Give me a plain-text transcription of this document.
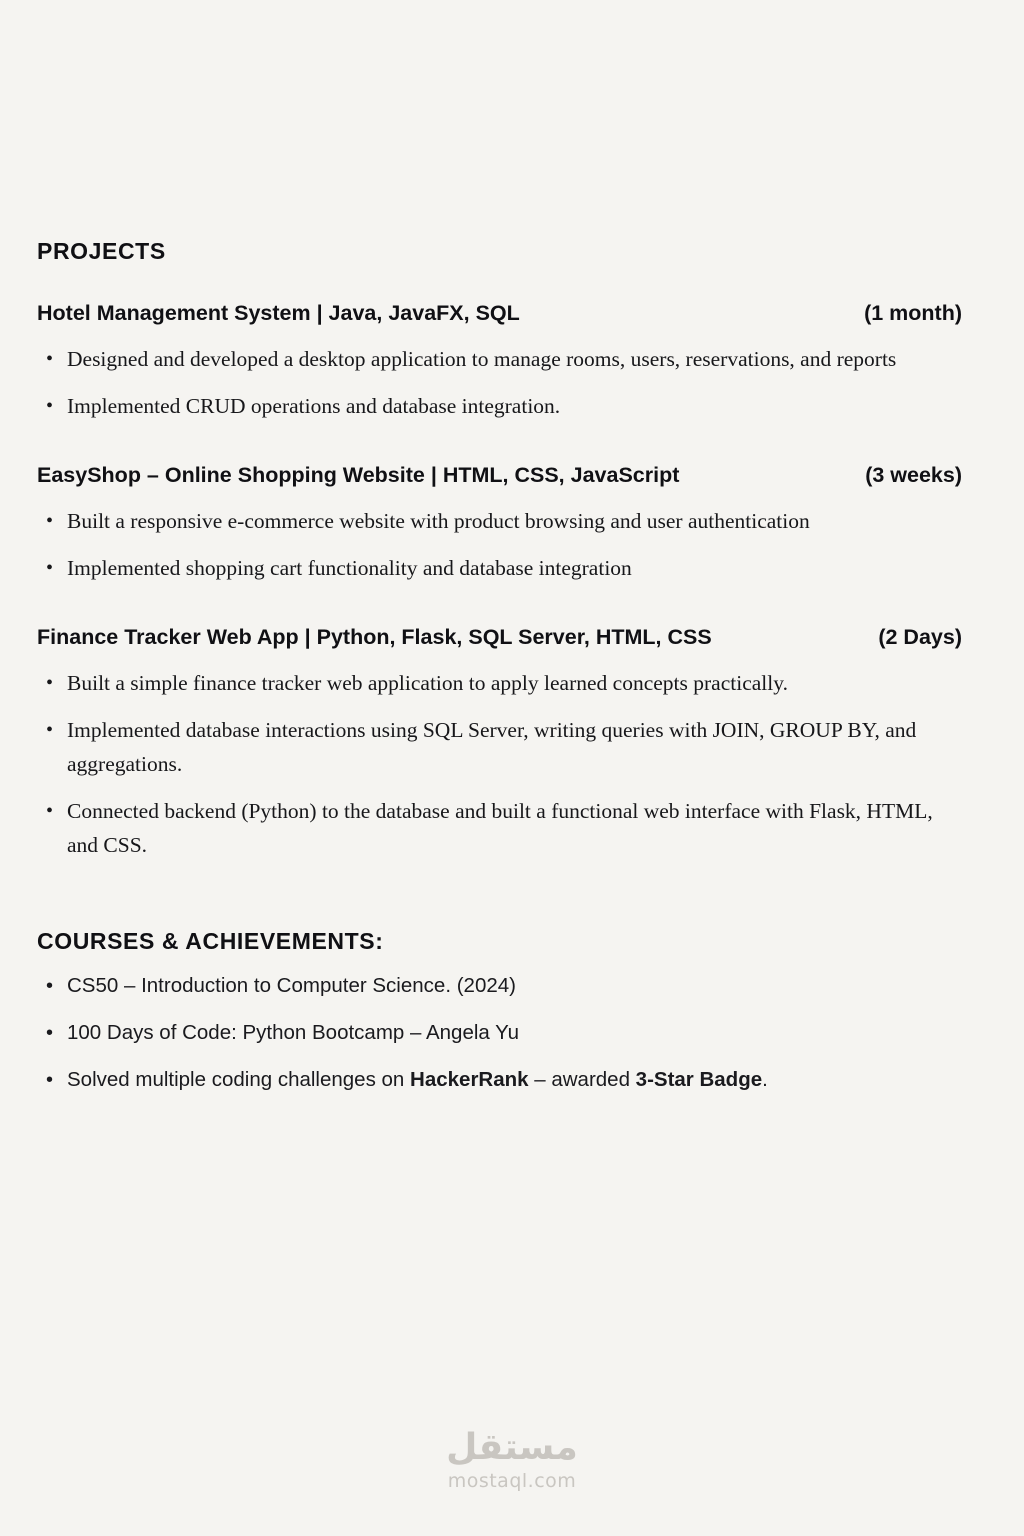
PROJECTS
Hotel Management System | Java, JavaFX, SQL	(1 month)
• Designed and developed a desktop application to manage rooms, users, reservations, and reports
• Implemented CRUD operations and database integration.
EasyShop – Online Shopping Website | HTML, CSS, JavaScript	(3 weeks)
• Built a responsive e-commerce website with product browsing and user authentication
• Implemented shopping cart functionality and database integration
Finance Tracker Web App | Python, Flask, SQL Server, HTML, CSS	(2 Days)
• Built a simple finance tracker web application to apply learned concepts practically.
• Implemented database interactions using SQL Server, writing queries with JOIN, GROUP BY, and aggregations.
• Connected backend (Python) to the database and built a functional web interface with Flask, HTML, and CSS.
COURSES & ACHIEVEMENTS:
• CS50 – Introduction to Computer Science. (2024)
• 100 Days of Code: Python Bootcamp – Angela Yu
• Solved multiple coding challenges on HackerRank – awarded 3-Star Badge.
مستقل
mostaql.com
